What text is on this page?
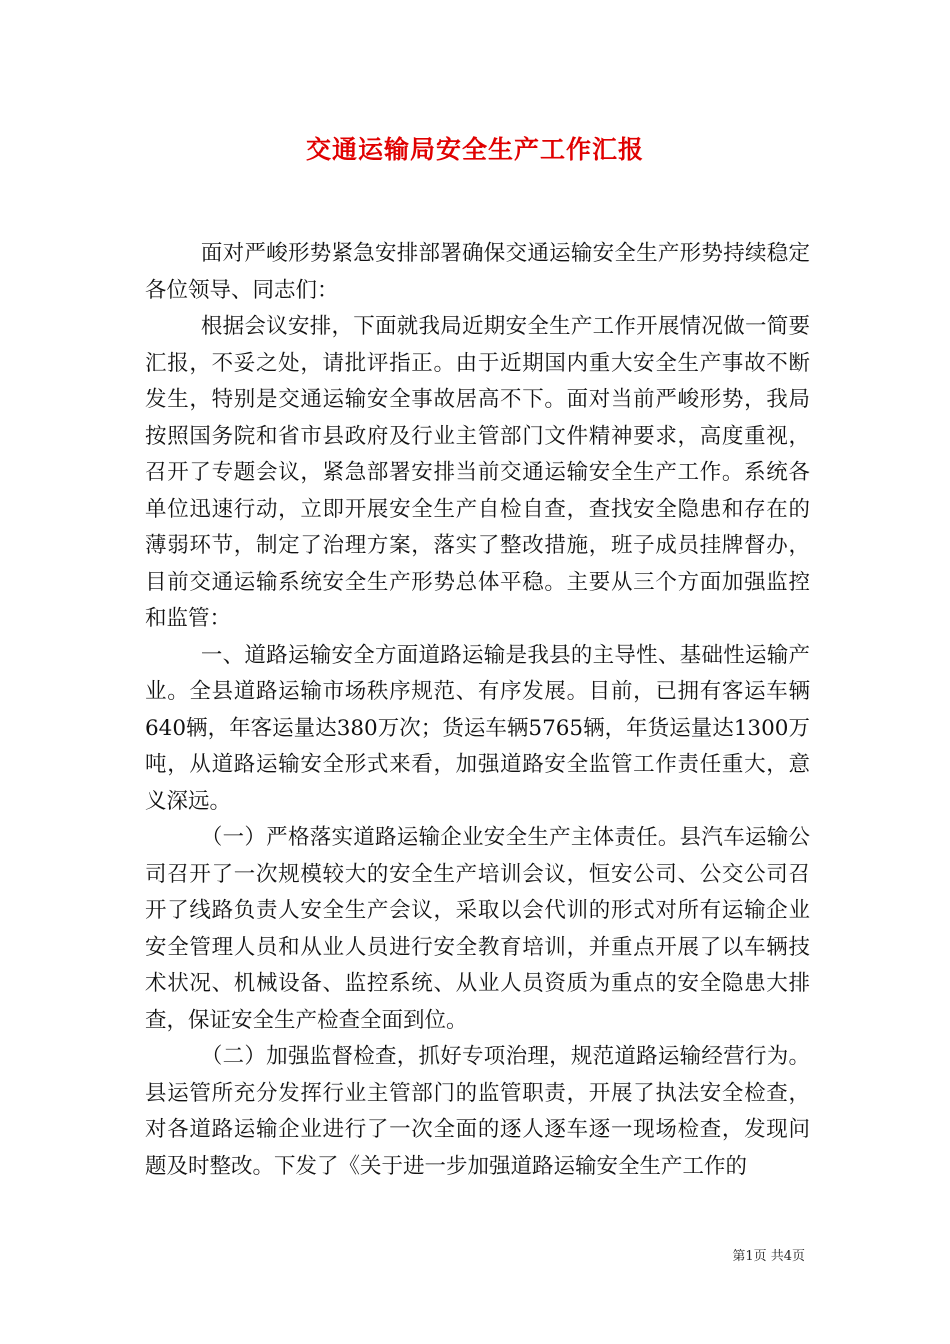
交通运输局安全生产工作汇报

面对严峻形势紧急安排部署确保交通运输安全生产形势持续稳定各位领导、同志们：

根据会议安排，下面就我局近期安全生产工作开展情况做一简要汇报，不妥之处，请批评指正。由于近期国内重大安全生产事故不断发生，特别是交通运输安全事故居高不下。面对当前严峻形势，我局按照国务院和省市县政府及行业主管部门文件精神要求，高度重视，召开了专题会议，紧急部署安排当前交通运输安全生产工作。系统各单位迅速行动，立即开展安全生产自检自查，查找安全隐患和存在的薄弱环节，制定了治理方案，落实了整改措施，班子成员挂牌督办，目前交通运输系统安全生产形势总体平稳。主要从三个方面加强监控和监管：

一、道路运输安全方面道路运输是我县的主导性、基础性运输产业。全县道路运输市场秩序规范、有序发展。目前，已拥有客运车辆640辆，年客运量达380万次；货运车辆5765辆，年货运量达1300万吨，从道路运输安全形式来看，加强道路安全监管工作责任重大，意义深远。

（一）严格落实道路运输企业安全生产主体责任。县汽车运输公司召开了一次规模较大的安全生产培训会议，恒安公司、公交公司召开了线路负责人安全生产会议，采取以会代训的形式对所有运输企业安全管理人员和从业人员进行安全教育培训，并重点开展了以车辆技术状况、机械设备、监控系统、从业人员资质为重点的安全隐患大排查，保证安全生产检查全面到位。

（二）加强监督检查，抓好专项治理，规范道路运输经营行为。县运管所充分发挥行业主管部门的监管职责，开展了执法安全检查，对各道路运输企业进行了一次全面的逐人逐车逐一现场检查，发现问题及时整改。下发了《关于进一步加强道路运输安全生产工作的

第1页 共4页
